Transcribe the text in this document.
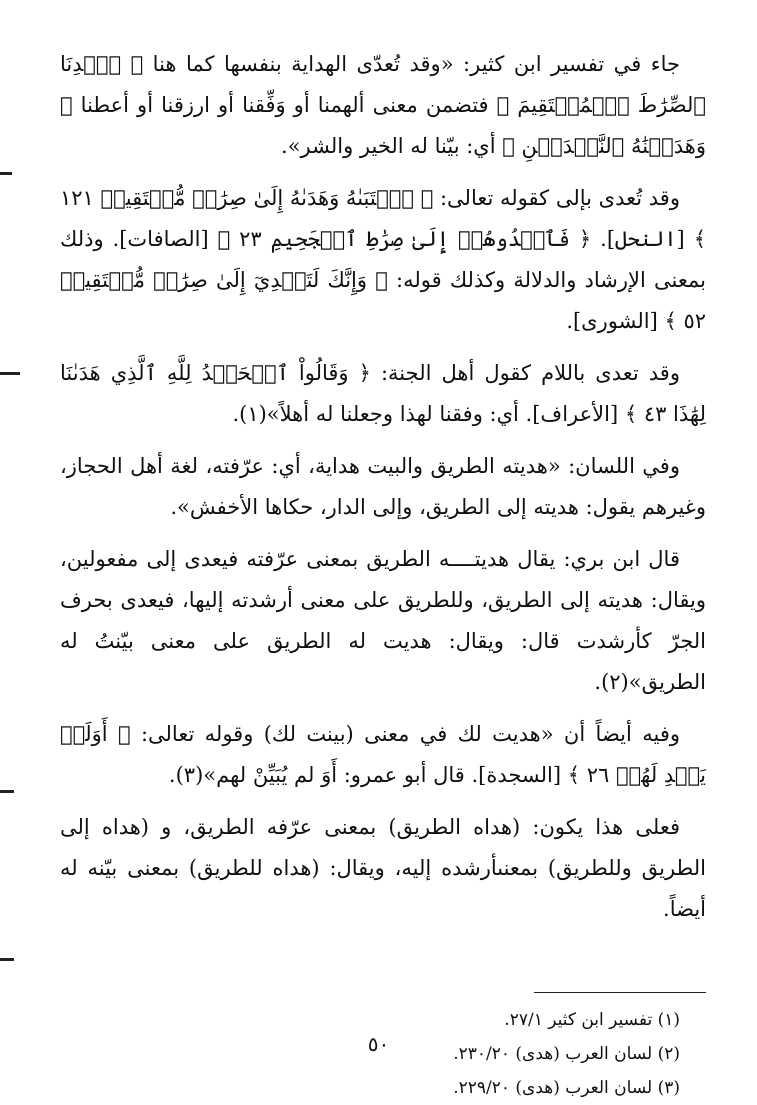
جاء في تفسير ابن كثير: «وقد تُعدّى الهداية بنفسها كما هنا ﴿ ٱهۡدِنَا ٱلصِّرَٰطَ ٱلۡمُسۡتَقِيمَ ﴾ فتضمن معنى ألهمنا أو وَفِّقنا أو ارزقنا أو أعطنا ﴿ وَهَدَيۡنَٰهُ ٱلنَّجۡدَيۡنِ ﴾ أي: بيّنا له الخير والشر».

وقد تُعدى بإلى كقوله تعالى: ﴿ ٱجۡتَبَىٰهُ وَهَدَىٰهُ إِلَىٰ صِرَٰطٖ مُّسۡتَقِيمٖ ١٢١ ﴾ [النحل]. ﴿ فَٱهۡدُوهُمۡ إِلَىٰ صِرَٰطِ ٱلۡجَحِيمِ ٢٣ ﴾ [الصافات]. وذلك بمعنى الإرشاد والدلالة وكذلك قوله: ﴿ وَإِنَّكَ لَتَهۡدِيٓ إِلَىٰ صِرَٰطٖ مُّسۡتَقِيمٖ ٥٢ ﴾ [الشورى].

وقد تعدى باللام كقول أهل الجنة: ﴿ وَقَالُواْ ٱلۡحَمۡدُ لِلَّهِ ٱلَّذِي هَدَىٰنَا لِهَٰذَا ٤٣ ﴾ [الأعراف]. أي: وفقنا لهذا وجعلنا له أهلاً»(١).

وفي اللسان: «هديته الطريق والبيت هداية، أي: عرّفته، لغة أهل الحجاز، وغيرهم يقول: هديته إلى الطريق، وإلى الدار، حكاها الأخفش».

قال ابن بري: يقال هديتــــه الطريق بمعنى عرّفته فيعدى إلى مفعولين، ويقال: هديته إلى الطريق، وللطريق على معنى أرشدته إليها، فيعدى بحرف الجرّ كأرشدت قال: ويقال: هديت له الطريق على معنى بيّنتُ له الطريق»(٢).

وفيه أيضاً أن «هديت لك في معنى (بينت لك) وقوله تعالى: ﴿ أَوَلَمۡ يَهۡدِ لَهُمۡ ٢٦ ﴾ [السجدة]. قال أبو عمرو: أَوَ لم يُبَيِّنْ لهم»(٣).

فعلى هذا يكون: (هداه الطريق) بمعنى عرّفه الطريق، و (هداه إلى الطريق وللطريق) بمعنىأرشده إليه، ويقال: (هداه للطريق) بمعنى بيّنه له أيضاً.

(١) تفسير ابن كثير ٢٧/١.

(٢) لسان العرب (هدى) ٢٣٠/٢٠.

(٣) لسان العرب (هدى) ٢٢٩/٢٠.

٥٠
